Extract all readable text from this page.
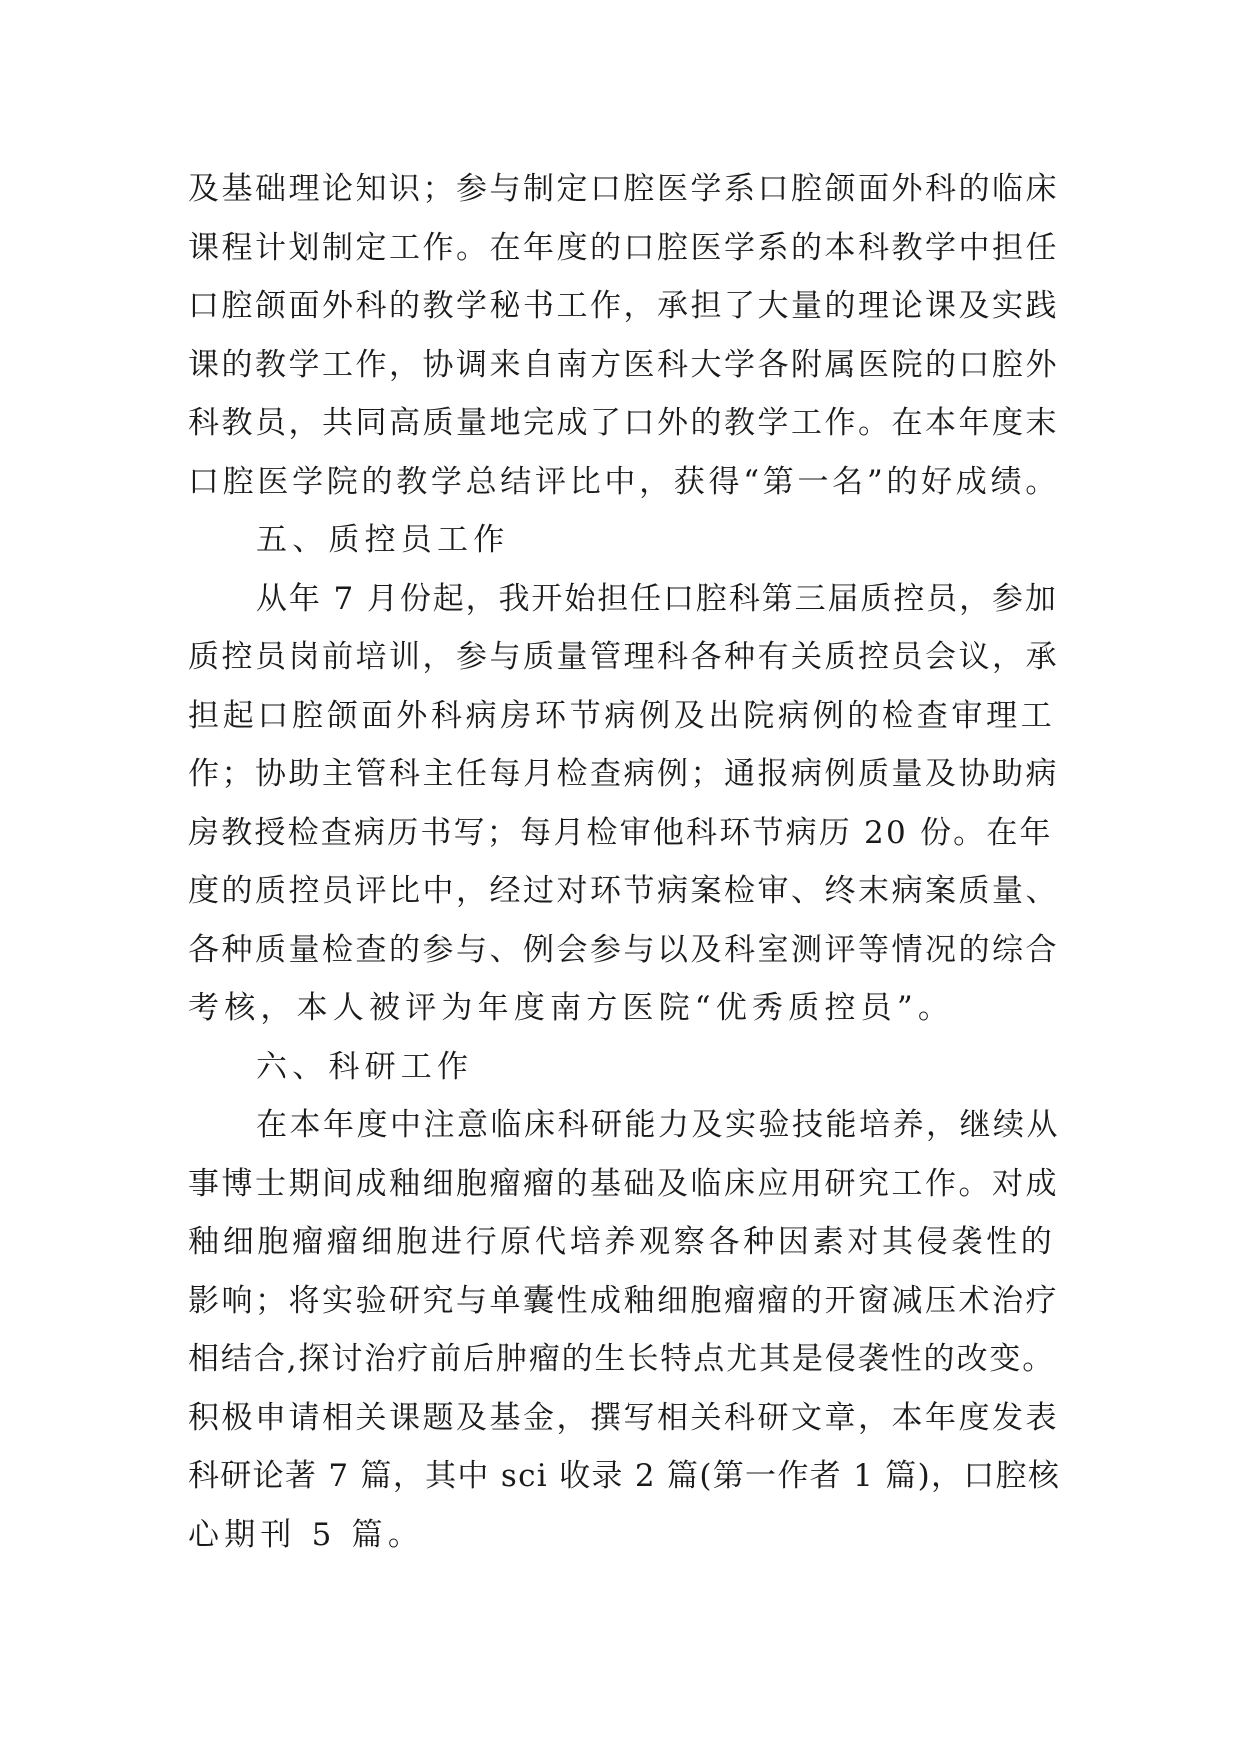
及基础理论知识；参与制定口腔医学系口腔颌面外科的临床
课程计划制定工作。在年度的口腔医学系的本科教学中担任
口腔颌面外科的教学秘书工作，承担了大量的理论课及实践
课的教学工作，协调来自南方医科大学各附属医院的口腔外
科教员，共同高质量地完成了口外的教学工作。在本年度末
口腔医学院的教学总结评比中，获得“第一名”的好成绩。
五、质控员工作
从年 7 月份起，我开始担任口腔科第三届质控员，参加
质控员岗前培训，参与质量管理科各种有关质控员会议，承
担起口腔颌面外科病房环节病例及出院病例的检查审理工
作；协助主管科主任每月检查病例；通报病例质量及协助病
房教授检查病历书写；每月检审他科环节病历 20 份。在年
度的质控员评比中，经过对环节病案检审、终末病案质量、
各种质量检查的参与、例会参与以及科室测评等情况的综合
考核，本人被评为年度南方医院“优秀质控员”。
六、科研工作
在本年度中注意临床科研能力及实验技能培养，继续从
事博士期间成釉细胞瘤瘤的基础及临床应用研究工作。对成
釉细胞瘤瘤细胞进行原代培养观察各种因素对其侵袭性的
影响；将实验研究与单囊性成釉细胞瘤瘤的开窗减压术治疗
相结合,探讨治疗前后肿瘤的生长特点尤其是侵袭性的改变。
积极申请相关课题及基金，撰写相关科研文章，本年度发表
科研论著 7 篇，其中 sci 收录 2 篇(第一作者 1 篇)，口腔核
心期刊 5 篇。
